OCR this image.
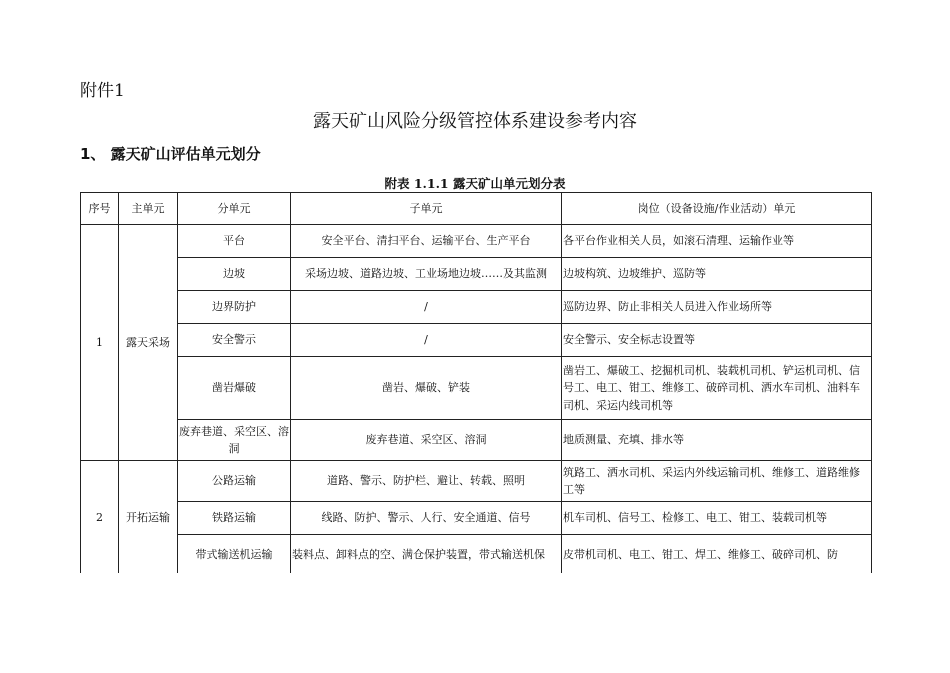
附件1
露天矿山风险分级管控体系建设参考内容
1、 露天矿山评估单元划分
附表 1.1.1 露天矿山单元划分表
序号	主单元	分单元	子单元	岗位（设备设施/作业活动）单元
1	露天采场	平台	安全平台、清扫平台、运输平台、生产平台	各平台作业相关人员，如滚石清理、运输作业等
		边坡	采场边坡、道路边坡、工业场地边坡……及其监测	边坡构筑、边坡维护、巡防等
		边界防护	/	巡防边界、防止非相关人员进入作业场所等
		安全警示	/	安全警示、安全标志设置等
		凿岩爆破	凿岩、爆破、铲装	凿岩工、爆破工、挖掘机司机、装载机司机、铲运机司机、信号工、电工、钳工、维修工、破碎司机、洒水车司机、油料车司机、采运内线司机等
		废弃巷道、采空区、溶洞	废弃巷道、采空区、溶洞	地质测量、充填、排水等
2	开拓运输	公路运输	道路、警示、防护栏、避让、转载、照明	筑路工、洒水司机、采运内外线运输司机、维修工、道路维修工等
		铁路运输	线路、防护、警示、人行、安全通道、信号	机车司机、信号工、检修工、电工、钳工、装载司机等
		带式输送机运输	装料点、卸料点的空、满仓保护装置，带式输送机保	皮带机司机、电工、钳工、焊工、维修工、破碎司机、防
